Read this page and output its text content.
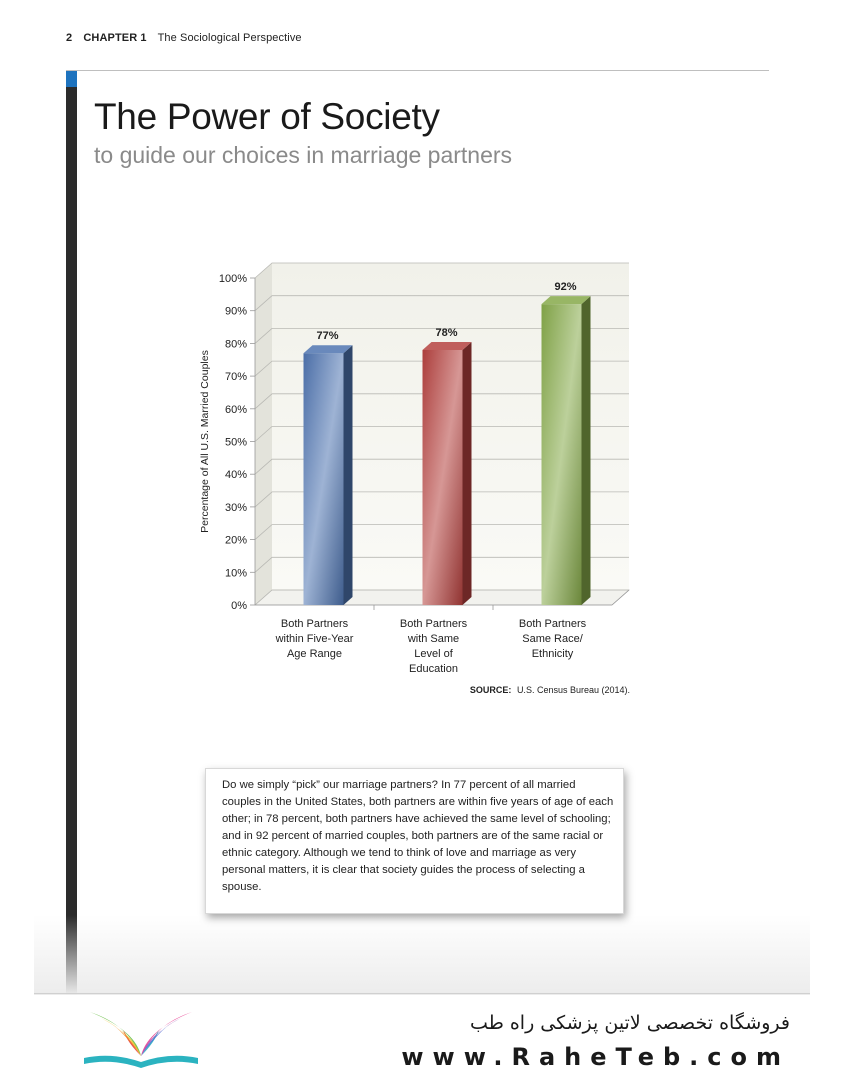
2 CHAPTER 1 The Sociological Perspective
The Power of Society
to guide our choices in marriage partners
0%
10%
20%
30%
40%
50%
60%
70%
80%
90%
100%
Percentage of All U.S. Married Couples
77%
Both Partners
within Five-Year
Age Range
78%
Both Partners
with Same
Level of
Education
92%
Both Partners
Same Race/
Ethnicity
SOURCE: U.S. Census Bureau (2014).
Do we simply “pick” our marriage partners? In 77 percent of all married couples in the United States, both partners are within five years of age of each other; in 78 percent, both partners have achieved the same level of schooling; and in 92 percent of married couples, both partners are of the same racial or ethnic category. Although we tend to think of love and marriage as very personal matters, it is clear that society guides the process of selecting a spouse.
فروشگاه تخصصی لاتین پزشکی راه طب
www.RaheTeb.com
